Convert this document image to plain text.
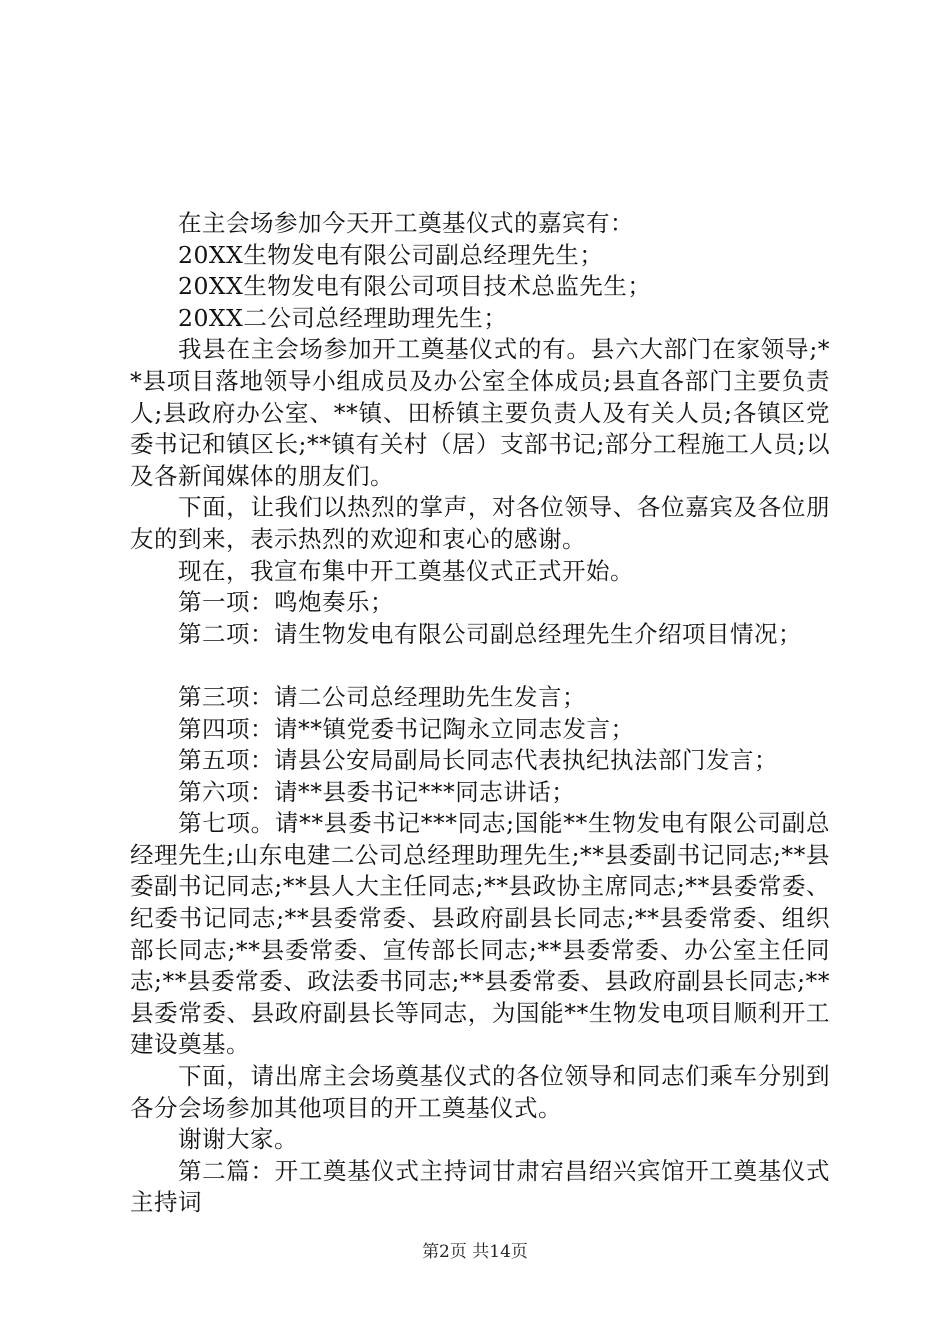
在主会场参加今天开工奠基仪式的嘉宾有：

20XX生物发电有限公司副总经理先生；

20XX生物发电有限公司项目技术总监先生；

20XX二公司总经理助理先生；

我县在主会场参加开工奠基仪式的有。县六大部门在家领导;**县项目落地领导小组成员及办公室全体成员;县直各部门主要负责人;县政府办公室、**镇、田桥镇主要负责人及有关人员;各镇区党委书记和镇区长;**镇有关村（居）支部书记;部分工程施工人员;以及各新闻媒体的朋友们。

下面，让我们以热烈的掌声，对各位领导、各位嘉宾及各位朋友的到来，表示热烈的欢迎和衷心的感谢。

现在，我宣布集中开工奠基仪式正式开始。

第一项：鸣炮奏乐；

第二项：请生物发电有限公司副总经理先生介绍项目情况；

第三项：请二公司总经理助先生发言；

第四项：请**镇党委书记陶永立同志发言；

第五项：请县公安局副局长同志代表执纪执法部门发言；

第六项：请**县委书记***同志讲话；

第七项。请**县委书记***同志;国能**生物发电有限公司副总经理先生;山东电建二公司总经理助理先生;**县委副书记同志;**县委副书记同志;**县人大主任同志;**县政协主席同志;**县委常委、纪委书记同志;**县委常委、县政府副县长同志;**县委常委、组织部长同志;**县委常委、宣传部长同志;**县委常委、办公室主任同志;**县委常委、政法委书同志;**县委常委、县政府副县长同志;**县委常委、县政府副县长等同志，为国能**生物发电项目顺利开工建设奠基。

下面，请出席主会场奠基仪式的各位领导和同志们乘车分别到各分会场参加其他项目的开工奠基仪式。

谢谢大家。

第二篇：开工奠基仪式主持词甘肃宕昌绍兴宾馆开工奠基仪式主持词

第2页 共14页
